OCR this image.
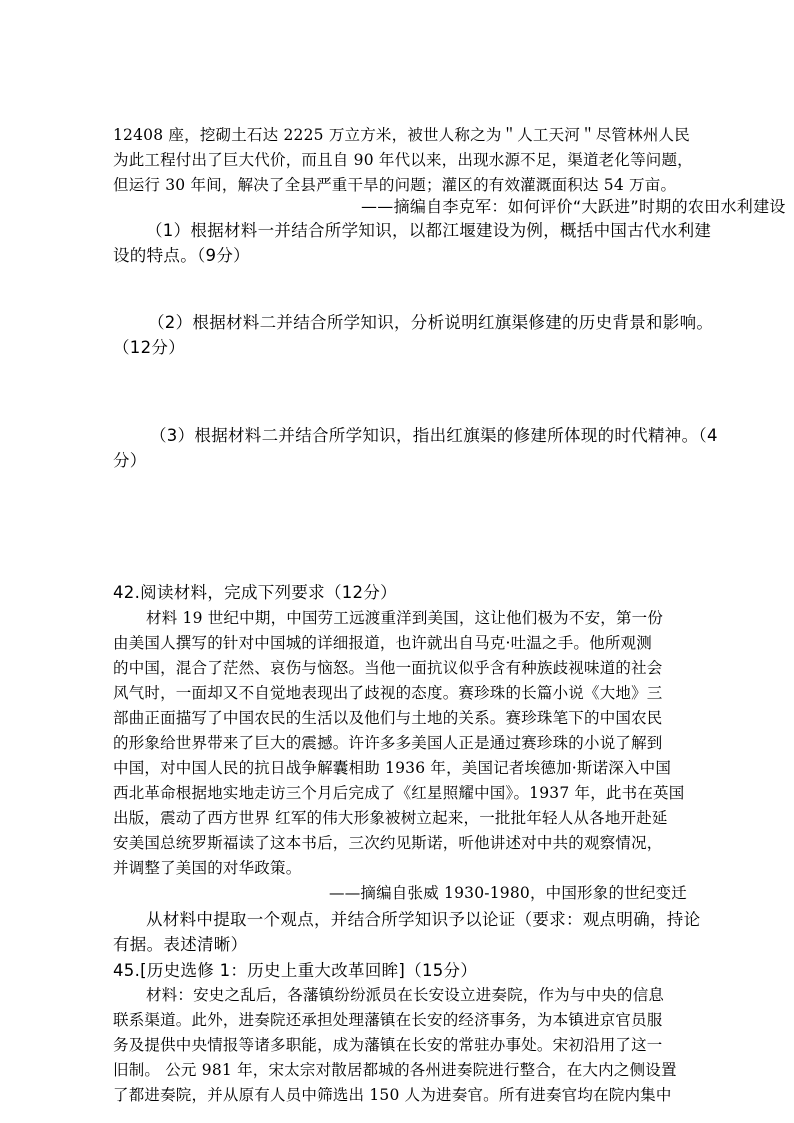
12408 座，挖砌土石达 2225 万立方米，被世人称之为＂人工天河＂尽管林州人民
为此工程付出了巨大代价，而且自 90 年代以来，出现水源不足，渠道老化等问题，
但运行 30 年间，解决了全县严重干旱的问题；灌区的有效灌溉面积达 54 万亩。
——摘编自李克军：如何评价“大跃进”时期的农田水利建设
（1）根据材料一并结合所学知识，以都江堰建设为例，概括中国古代水利建
设的特点。（9分）
（2）根据材料二并结合所学知识，分析说明红旗渠修建的历史背景和影响。
（12分）
（3）根据材料二并结合所学知识，指出红旗渠的修建所体现的时代精神。（4
分）
42.阅读材料，完成下列要求（12分）
材料 19 世纪中期，中国劳工远渡重洋到美国，这让他们极为不安，第一份
由美国人撰写的针对中国城的详细报道，也许就出自马克·吐温之手。他所观测
的中国，混合了茫然、哀伤与恼怒。当他一面抗议似乎含有种族歧视味道的社会
风气时，一面却又不自觉地表现出了歧视的态度。赛珍珠的长篇小说《大地》三
部曲正面描写了中国农民的生活以及他们与土地的关系。赛珍珠笔下的中国农民
的形象给世界带来了巨大的震撼。许许多多美国人正是通过赛珍珠的小说了解到
中国，对中国人民的抗日战争解囊相助 1936 年，美国记者埃德加·斯诺深入中国
西北革命根据地实地走访三个月后完成了《红星照耀中国》。1937 年，此书在英国
出版，震动了西方世界 红军的伟大形象被树立起来，一批批年轻人从各地开赴延
安美国总统罗斯福读了这本书后，三次约见斯诺，听他讲述对中共的观察情况，
并调整了美国的对华政策。
——摘编自张威 1930-1980，中国形象的世纪变迁
从材料中提取一个观点，并结合所学知识予以论证（要求：观点明确，持论
有据。表述清晰）
45.[历史选修 1：历史上重大改革回眸]（15分）
材料：安史之乱后，各藩镇纷纷派员在长安设立进奏院，作为与中央的信息
联系渠道。此外，进奏院还承担处理藩镇在长安的经济事务，为本镇进京官员服
务及提供中央情报等诸多职能，成为藩镇在长安的常驻办事处。宋初沿用了这一
旧制。 公元 981 年，宋太宗对散居都城的各州进奏院进行整合，在大内之侧设置
了都进奏院，并从原有人员中筛选出 150 人为进奏官。所有进奏官均在院内集中
